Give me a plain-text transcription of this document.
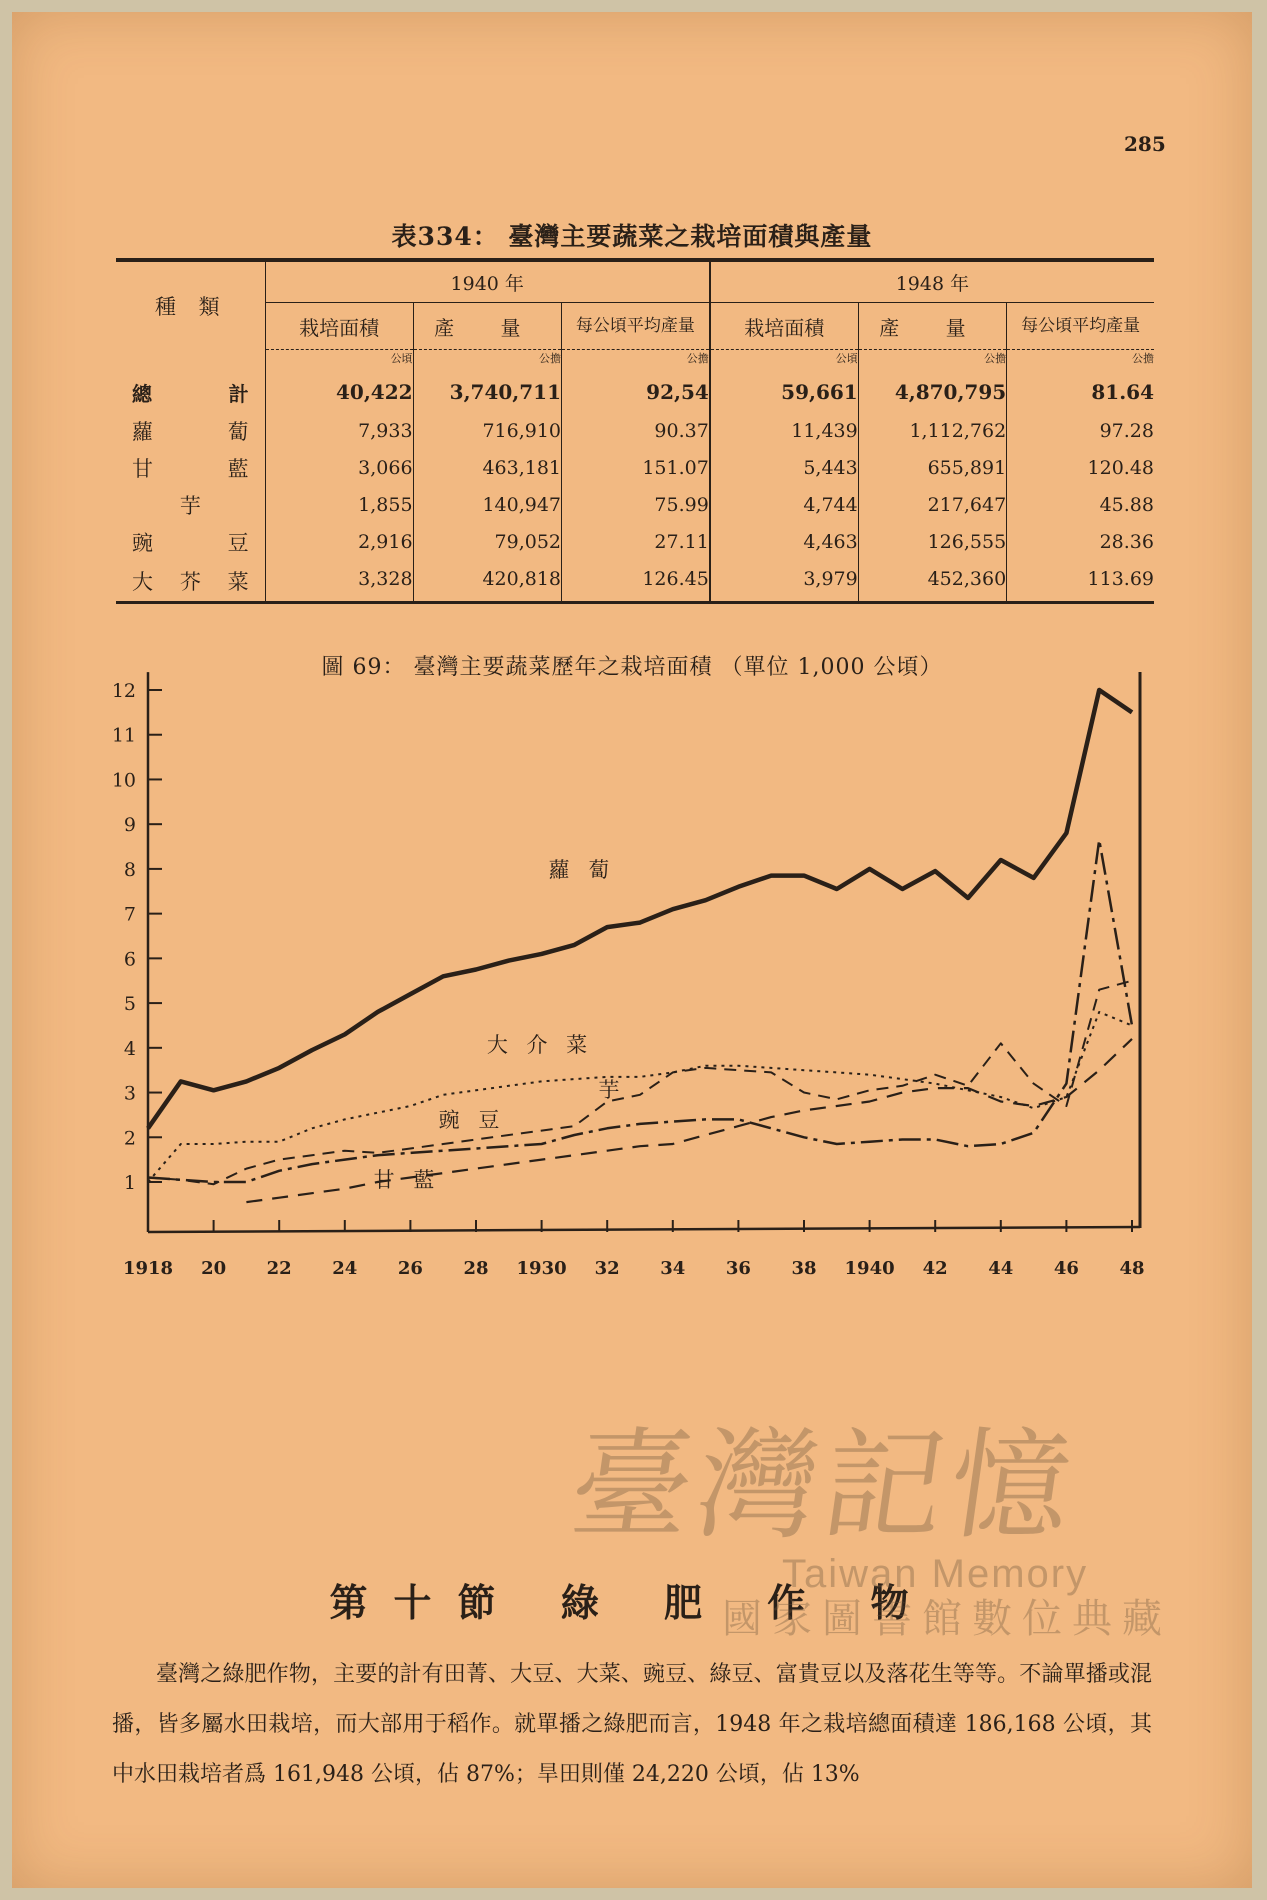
285
表334： 臺灣主要蔬菜之栽培面積與產量
種 類	1940 年			1948 年		
	栽培面積	產 量	每公頃平均產量	栽培面積	產 量	每公頃平均產量

	公頃	公擔	公擔	公頃	公擔	公擔
總 計	40,422	3,740,711	92,54	59,661	4,870,795	81.64
蘿 蔔	7,933	716,910	90.37	11,439	1,112,762	97.28
甘 藍	3,066	463,181	151.07	5,443	655,891	120.48
芋	1,855	140,947	75.99	4,744	217,647	45.88
豌 豆	2,916	79,052	27.11	4,463	126,555	28.36
大 芥 菜	3,328	420,818	126.45	3,979	452,360	113.69
圖 69： 臺灣主要蔬菜歷年之栽培面積 （單位 1,000 公頃）
1
2
3
4
5
6
7
8
9
10
11
12
1918 20 22 24 26 28 1930 32 34 36 38 1940 42 44 46 48
蘿 蔔
大 介 菜
豌 豆
芋
甘 藍
第十節 綠 肥 作 物
臺灣之綠肥作物，主要的計有田菁、大豆、大菜、豌豆、綠豆、富貴豆以及落花生等等。不論單播或混播，皆多屬水田栽培，而大部用于稻作。就單播之綠肥而言，1948 年之栽培總面積達 186,168 公頃，其中水田栽培者爲 161,948 公頃，佔 87%；旱田則僅 24,220 公頃，佔 13%
臺灣記憶
Taiwan Memory
國家圖書館數位典藏
